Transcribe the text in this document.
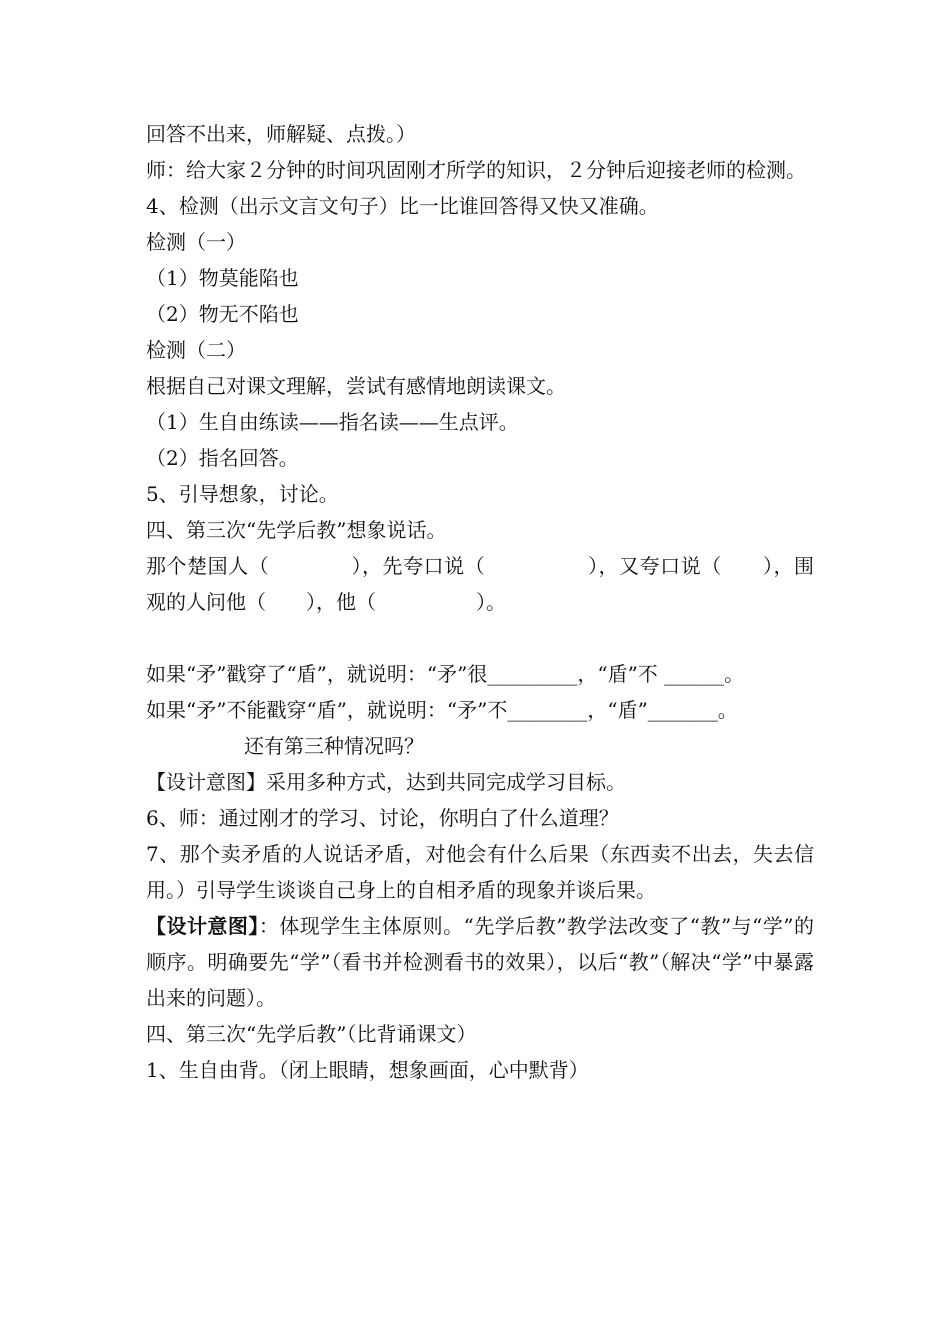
回答不出来，师解疑、点拨。）
师：给大家２分钟的时间巩固刚才所学的知识，２分钟后迎接老师的检测。
4、检测（出示文言文句子）比一比谁回答得又快又准确。
检测（一）
（1）物莫能陷也
（2）物无不陷也
检测（二）
根据自己对课文理解，尝试有感情地朗读课文。
（1）生自由练读——指名读——生点评。
（2）指名回答。
5、引导想象，讨论。
四、第三次“先学后教”想象说话。
那个楚国人（　　　　），先夸口说（　　　　　），又夸口说（　　），围观的人问他（　　），他（　　　　　）。
如果“矛”戳穿了“盾”，就说明：“矛”很_________，“盾”不 ______。
如果“矛”不能戳穿“盾”，就说明：“矛”不________，“盾”_______。
还有第三种情况吗？
【设计意图】采用多种方式，达到共同完成学习目标。
6、师：通过刚才的学习、讨论，你明白了什么道理？
7、那个卖矛盾的人说话矛盾，对他会有什么后果（东西卖不出去，失去信用。）引导学生谈谈自己身上的自相矛盾的现象并谈后果。
【设计意图】：体现学生主体原则。“先学后教”教学法改变了“教”与“学”的顺序。明确要先“学”（看书并检测看书的效果），以后“教”（解决“学”中暴露出来的问题）。
四、第三次“先学后教”（比背诵课文）
1、生自由背。（闭上眼睛，想象画面，心中默背）
